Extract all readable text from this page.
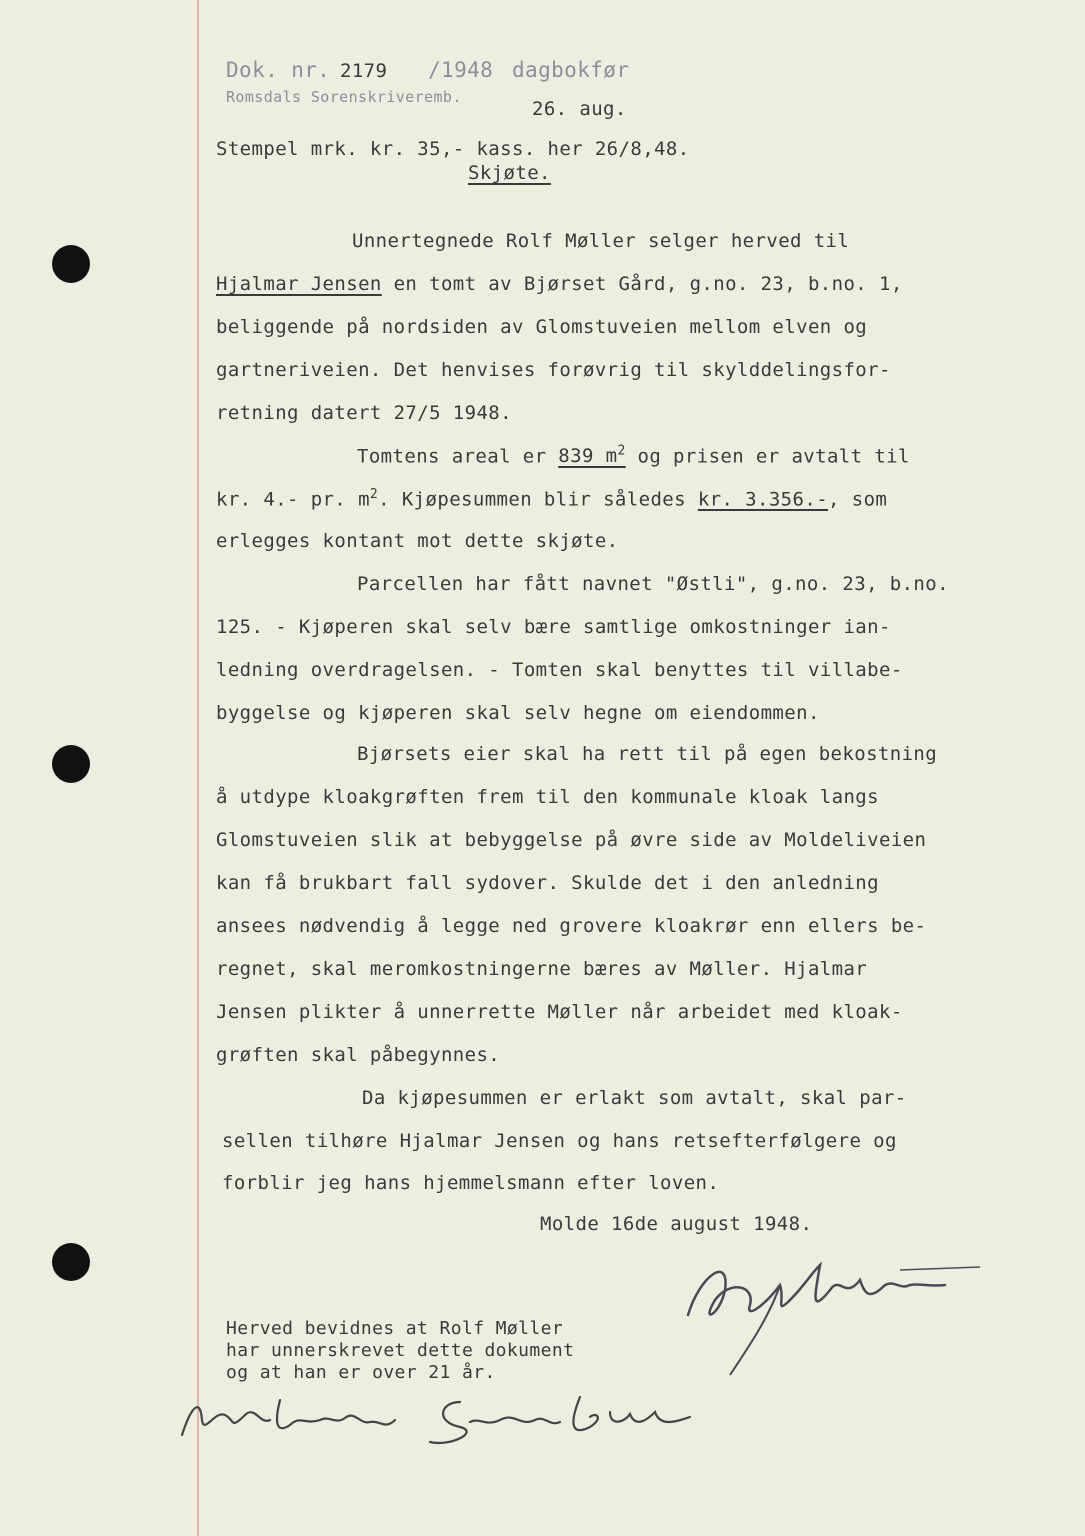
Dok. nr. 2179 /1948 dagbokfør
Romsdals Sorenskriveremb.
26. aug.
Stempel mrk. kr. 35,- kass. her 26/8,48.
Skjøte.
Unnertegnede Rolf Møller selger herved til
Hjalmar Jensen en tomt av Bjørset Gård, g.no. 23, b.no. 1,
beliggende på nordsiden av Glomstuveien mellom elven og
gartneriveien. Det henvises forøvrig til skylddelingsfor-
retning datert 27/5 1948.
Tomtens areal er 839 $m^2$ og prisen er avtalt til
kr. 4.- pr. $m^2$. Kjøpesummen blir således kr. 3.356.-, som
erlegges kontant mot dette skjøte.
Parcellen har fått navnet "Østli", g.no. 23, b.no.
125. - Kjøperen skal selv bære samtlige omkostninger ian-
ledning overdragelsen. - Tomten skal benyttes til villabe-
byggelse og kjøperen skal selv hegne om eiendommen.
Bjørsets eier skal ha rett til på egen bekostning
å utdype kloakgrøften frem til den kommunale kloak langs
Glomstuveien slik at bebyggelse på øvre side av Moldeliveien
kan få brukbart fall sydover. Skulde det i den anledning
ansees nødvendig å legge ned grovere kloakrør enn ellers be-
regnet, skal meromkostningerne bæres av Møller. Hjalmar
Jensen plikter å unnerrette Møller når arbeidet med kloak-
grøften skal påbegynnes.
Da kjøpesummen er erlakt som avtalt, skal par-
sellen tilhøre Hjalmar Jensen og hans retsefterfølgere og
forblir jeg hans hjemmelsmann efter loven.
Molde 16de august 1948.
Herved bevidnes at Rolf Møller
har unnerskrevet dette dokument
og at han er over 21 år.
